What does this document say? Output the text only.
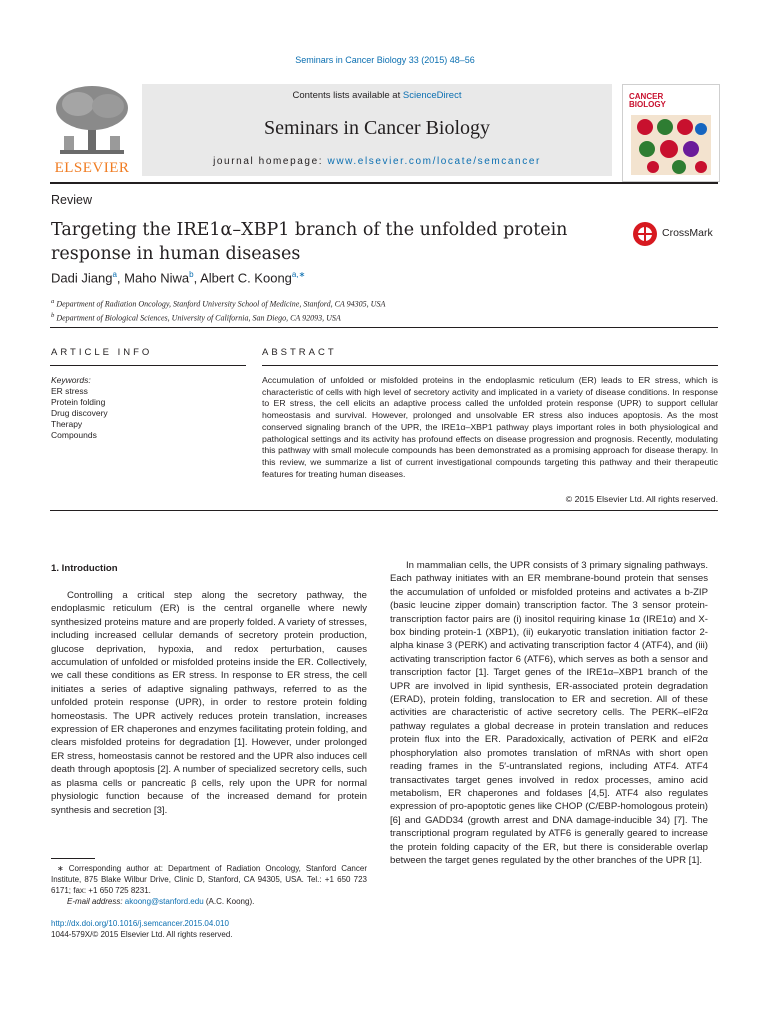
Seminars in Cancer Biology 33 (2015) 48–56
ELSEVIER
Contents lists available at ScienceDirect
Seminars in Cancer Biology
journal homepage: www.elsevier.com/locate/semcancer
CANCER
BIOLOGY
Review
Targeting the IRE1α–XBP1 branch of the unfolded protein response in human diseases
CrossMark
Dadi Jiang$^a$, Maho Niwa$^b$, Albert C. Koong$^{a,∗}$
$^a$ Department of Radiation Oncology, Stanford University School of Medicine, Stanford, CA 94305, USA
$^b$ Department of Biological Sciences, University of California, San Diego, CA 92093, USA
ARTICLE INFO	ABSTRACT
Keywords:
ER stress
Protein folding
Drug discovery
Therapy
Compounds
Accumulation of unfolded or misfolded proteins in the endoplasmic reticulum (ER) leads to ER stress, which is characteristic of cells with high level of secretory activity and implicated in a variety of disease conditions. In response to ER stress, the cell elicits an adaptive process called the unfolded protein response (UPR) to support cellular homeostasis and survival. However, prolonged and unsolvable ER stress also induces apoptosis. As the most conserved signaling branch of the UPR, the IRE1α–XBP1 pathway plays important roles in both physiological and pathological settings and its activity has profound effects on disease progression and prognosis. Recently, modulating this pathway with small molecule compounds has been demonstrated as a promising approach for disease therapy. In this review, we summarize a list of current investigational compounds targeting this pathway and their therapeutic features for treating human diseases.
© 2015 Elsevier Ltd. All rights reserved.
1. Introduction

Controlling a critical step along the secretory pathway, the endoplasmic reticulum (ER) is the central organelle where newly synthesized proteins mature and are properly folded. A variety of stresses, including increased cellular demands of secretory protein production, glucose deprivation, hypoxia, and redox perturbation, causes accumulation of unfolded or misfolded proteins inside the ER. Collectively, we call these conditions as ER stress. In response to ER stress, the cell initiates a series of adaptive signaling pathways, referred to as the unfolded protein response (UPR), in order to restore protein folding homeostasis. The UPR actively reduces protein translation, increases expression of ER chaperones and enzymes facilitating protein folding, and clears misfolded proteins for degradation [1]. However, under prolonged ER stress, homeostasis cannot be restored and the UPR also induces cell death through apoptosis [2]. A number of specialized secretory cells, such as plasma cells or pancreatic β cells, rely upon the UPR for normal physiologic function because of the increased demand for protein synthesis and secretion [3].

In mammalian cells, the UPR consists of 3 primary signaling pathways. Each pathway initiates with an ER membrane-bound protein that senses the accumulation of unfolded or misfolded proteins and activates a b-ZIP (basic leucine zipper domain) transcription factor. The 3 sensor protein-transcription factor pairs are (i) inositol requiring kinase 1α (IRE1α) and X-box binding protein-1 (XBP1), (ii) eukaryotic translation initiation factor 2-alpha kinase 3 (PERK) and activating transcription factor 4 (ATF4), and (iii) activating transcription factor 6 (ATF6), which serves as both a sensor and transcription factor [1]. Target genes of the IRE1α–XBP1 branch of the UPR are involved in lipid synthesis, ER-associated protein degradation (ERAD), protein folding, translocation to ER and secretion. All of these activities are characteristic of active secretory cells. The PERK–eIF2α pathway regulates a global decrease in protein translation and reduces protein flux into the ER. Paradoxically, activation of PERK and eIF2α phosphorylation also promotes translation of mRNAs with short open reading frames in the 5′-untranslated regions, including ATF4. ATF4 transactivates target genes involved in redox processes, amino acid metabolism, ER chaperones and foldases [4,5]. ATF4 also regulates expression of pro-apoptotic genes like CHOP (C/EBP-homologous protein) [6] and GADD34 (growth arrest and DNA damage-inducible 34) [7]. The transcriptional program regulated by ATF6 is generally geared to increase the protein folding capacity of the ER, but there is considerable overlap between the target genes regulated by the other branches of the UPR [1].

∗ Corresponding author at: Department of Radiation Oncology, Stanford Cancer Institute, 875 Blake Wilbur Drive, Clinic D, Stanford, CA 94305, USA. Tel.: +1 650 723 6171; fax: +1 650 725 8231.

E-mail address: akoong@stanford.edu (A.C. Koong).

http://dx.doi.org/10.1016/j.semcancer.2015.04.010
1044-579X/© 2015 Elsevier Ltd. All rights reserved.
